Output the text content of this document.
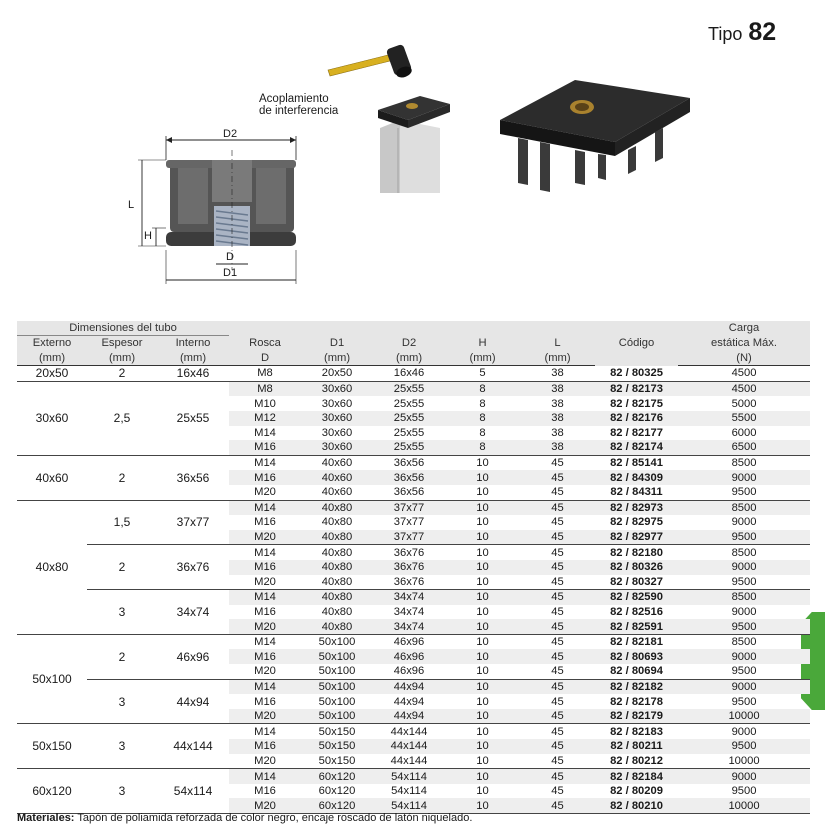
Tipo 82
Acoplamiento
de interferencia
D2
L
H
D
D1
Dimensiones del tubo								Código	Carga
Externo	Espesor	Interno	Rosca	D1	D2	H	L		estática Máx.
(mm)	(mm)	(mm)	D	(mm)	(mm)	(mm)	(mm)		(N)
20x50	2	16x46	M8	20x50	16x46	5	38	82 / 80325	4500
30x60	2,5	25x55	M8	30x60	25x55	8	38	82 / 82173	4500
			M10	30x60	25x55	8	38	82 / 82175	5000
			M12	30x60	25x55	8	38	82 / 82176	5500
			M14	30x60	25x55	8	38	82 / 82177	6000
			M16	30x60	25x55	8	38	82 / 82174	6500
40x60	2	36x56	M14	40x60	36x56	10	45	82 / 85141	8500
			M16	40x60	36x56	10	45	82 / 84309	9000
			M20	40x60	36x56	10	45	82 / 84311	9500
40x80	1,5	37x77	M14	40x80	37x77	10	45	82 / 82973	8500
			M16	40x80	37x77	10	45	82 / 82975	9000
			M20	40x80	37x77	10	45	82 / 82977	9500
	2	36x76	M14	40x80	36x76	10	45	82 / 82180	8500
			M16	40x80	36x76	10	45	82 / 80326	9000
			M20	40x80	36x76	10	45	82 / 80327	9500
	3	34x74	M14	40x80	34x74	10	45	82 / 82590	8500
			M16	40x80	34x74	10	45	82 / 82516	9000
			M20	40x80	34x74	10	45	82 / 82591	9500
50x100	2	46x96	M14	50x100	46x96	10	45	82 / 82181	8500
			M16	50x100	46x96	10	45	82 / 80693	9000
			M20	50x100	46x96	10	45	82 / 80694	9500
	3	44x94	M14	50x100	44x94	10	45	82 / 82182	9000
			M16	50x100	44x94	10	45	82 / 82178	9500
			M20	50x100	44x94	10	45	82 / 82179	10000
50x150	3	44x144	M14	50x150	44x144	10	45	82 / 82183	9000
			M16	50x150	44x144	10	45	82 / 80211	9500
			M20	50x150	44x144	10	45	82 / 80212	10000
60x120	3	54x114	M14	60x120	54x114	10	45	82 / 82184	9000
			M16	60x120	54x114	10	45	82 / 80209	9500
			M20	60x120	54x114	10	45	82 / 80210	10000
Materiales: Tapón de poliamida reforzada de color negro, encaje roscado de latón niquelado.
